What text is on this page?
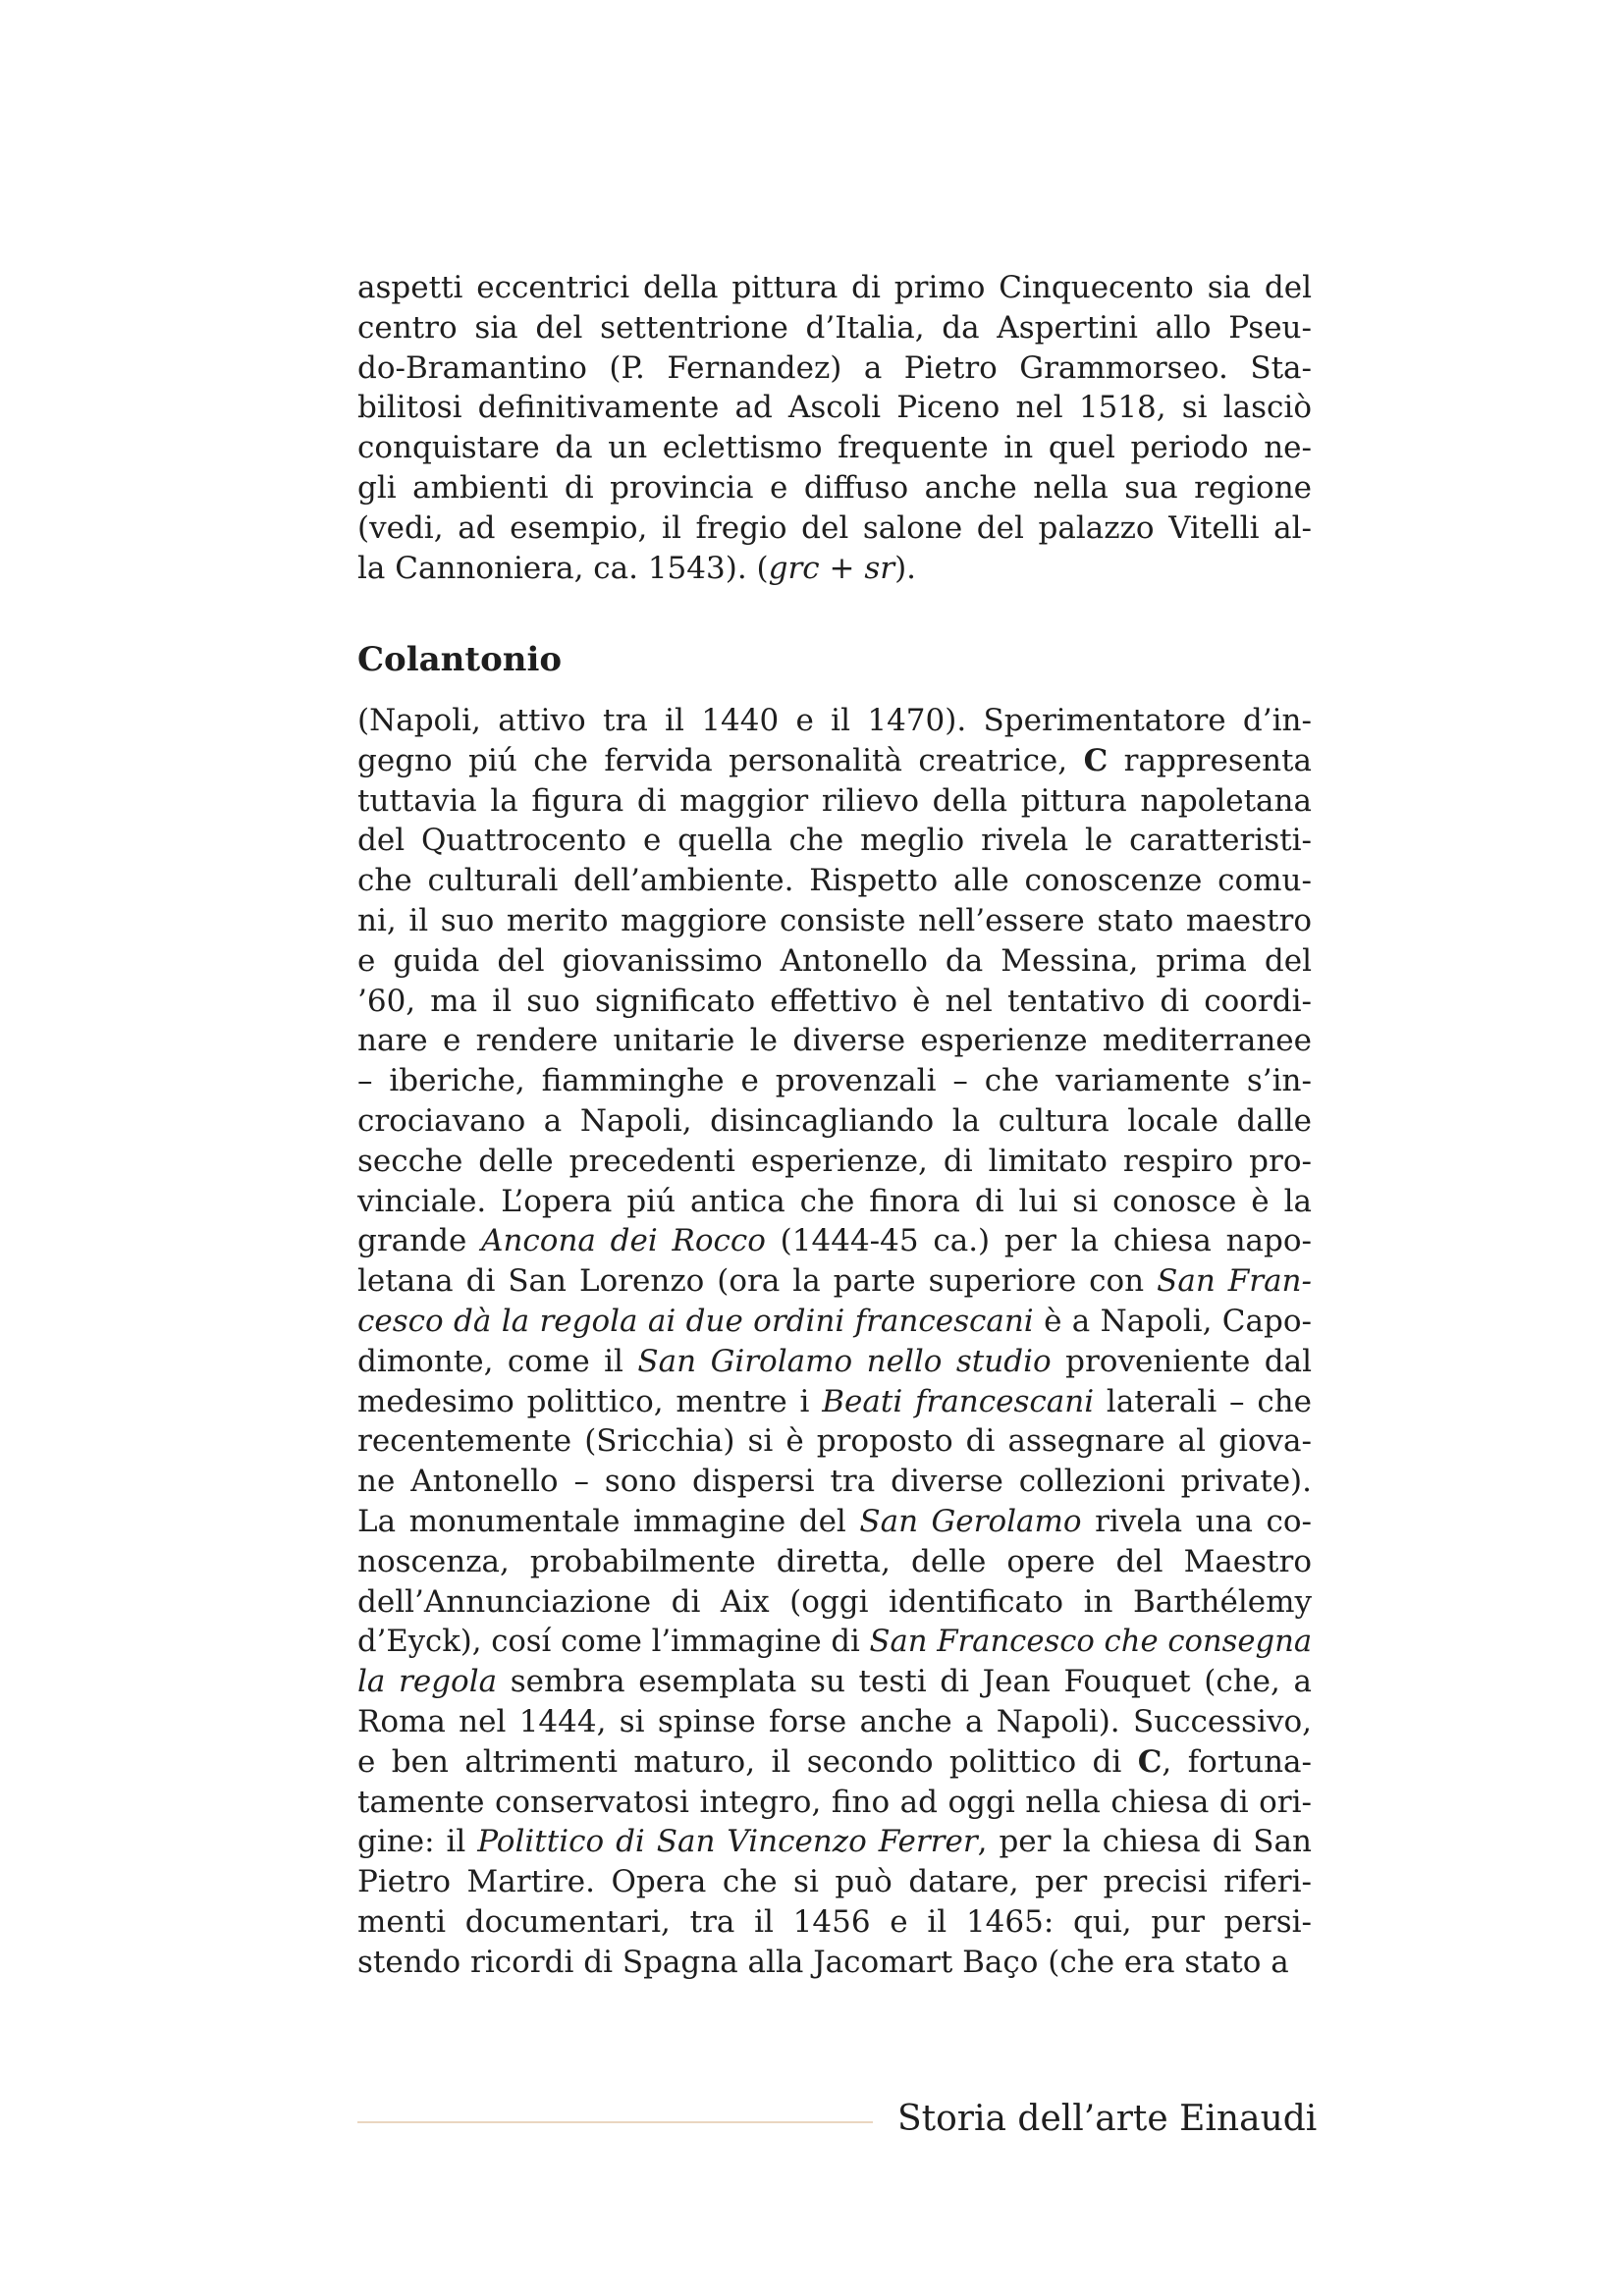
aspetti eccentrici della pittura di primo Cinquecento sia del
centro sia del settentrione d’Italia, da Aspertini allo Pseu-
do-Bramantino (P. Fernandez) a Pietro Grammorseo. Sta-
bilitosi definitivamente ad Ascoli Piceno nel 1518, si lasciò
conquistare da un eclettismo frequente in quel periodo ne-
gli ambienti di provincia e diffuso anche nella sua regione
(vedi, ad esempio, il fregio del salone del palazzo Vitelli al-
la Cannoniera, ca. 1543). (grc + sr).
Colantonio
(Napoli, attivo tra il 1440 e il 1470). Sperimentatore d’in-
gegno piú che fervida personalità creatrice, C rappresenta
tuttavia la figura di maggior rilievo della pittura napoletana
del Quattrocento e quella che meglio rivela le caratteristi-
che culturali dell’ambiente. Rispetto alle conoscenze comu-
ni, il suo merito maggiore consiste nell’essere stato maestro
e guida del giovanissimo Antonello da Messina, prima del
’60, ma il suo significato effettivo è nel tentativo di coordi-
nare e rendere unitarie le diverse esperienze mediterranee
– iberiche, fiamminghe e provenzali – che variamente s’in-
crociavano a Napoli, disincagliando la cultura locale dalle
secche delle precedenti esperienze, di limitato respiro pro-
vinciale. L’opera piú antica che finora di lui si conosce è la
grande Ancona dei Rocco (1444-45 ca.) per la chiesa napo-
letana di San Lorenzo (ora la parte superiore con San Fran-
cesco dà la regola ai due ordini francescani è a Napoli, Capo-
dimonte, come il San Girolamo nello studio proveniente dal
medesimo polittico, mentre i Beati francescani laterali – che
recentemente (Sricchia) si è proposto di assegnare al giova-
ne Antonello – sono dispersi tra diverse collezioni private).
La monumentale immagine del San Gerolamo rivela una co-
noscenza, probabilmente diretta, delle opere del Maestro
dell’Annunciazione di Aix (oggi identificato in Barthélemy
d’Eyck), cosí come l’immagine di San Francesco che consegna
la regola sembra esemplata su testi di Jean Fouquet (che, a
Roma nel 1444, si spinse forse anche a Napoli). Successivo,
e ben altrimenti maturo, il secondo polittico di C, fortuna-
tamente conservatosi integro, fino ad oggi nella chiesa di ori-
gine: il Polittico di San Vincenzo Ferrer, per la chiesa di San
Pietro Martire. Opera che si può datare, per precisi riferi-
menti documentari, tra il 1456 e il 1465: qui, pur persi-
stendo ricordi di Spagna alla Jacomart Baço (che era stato a
Storia dell’arte Einaudi
